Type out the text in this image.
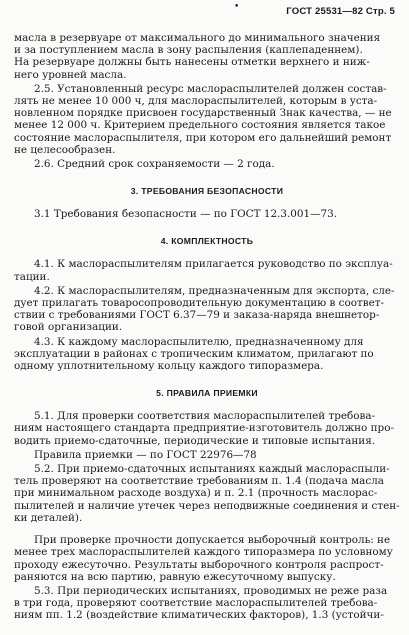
ГОСТ 25531—82 Стр. 5
•

масла в резервуаре от максимального до минимального значения
и за поступлением масла в зону распыления (каплепаденнем).
На резервуаре должны быть нанесены отметки верхнего и ниж-
него уровней масла.

2.5. Установленный ресурс маслораспылителей должен состав-
лять не менее 10 000 ч, для маслораспылителей, которым в уста-
новленном порядке присвоен государственный Знак качества, — не
менее 12 000 ч. Критерием предельного состояния является такое
состояние маслораспылителя, при котором его дальнейший ремонт
не целесообразен.

2.6. Средний срок сохраняемости — 2 года.

3. ТРЕБОВАНИЯ БЕЗОПАСНОСТИ

3.1 Требования безопасности — по ГОСТ 12.3.001—73.

4. КОМПЛЕКТНОСТЬ

4.1. К маслораспылителям прилагается руководство по эксплуа-
тации.

4.2. К маслораспылителям, предназначенным для экспорта, сле-
дует прилагать товаросопроводительную документацию в соответ-
ствии с требованиями ГОСТ 6.37—79 и заказа-наряда внешнетор-
говой организации.

4.3. К каждому маслораспылителю, предназначенному для
эксплуатации в районах с тропическим климатом, прилагают по
одному уплотнительному кольцу каждого типоразмера.

5. ПРАВИЛА ПРИЕМКИ

5.1. Для проверки соответствия маслораспылителей требова-
ниям настоящего стандарта предприятие-изготовитель должно про-
водить приемо-сдаточные, периодические и типовые испытания.

Правила приемки — по ГОСТ 22976—78

5.2. При приемо-сдаточных испытаниях каждый маслораспыли-
тель проверяют на соответствие требованиям п. 1.4 (подача масла
при минимальном расходе воздуха) и п. 2.1 (прочность маслорас-
пылителей и наличие утечек через неподвижные соединения и стен-
ки деталей).

При проверке прочности допускается выборочный контроль: не
менее трех маслораспылителей каждого типоразмера по условному
проходу ежесуточно. Результаты выборочного контроля распрост-
раняются на всю партию, равную ежесуточному выпуску.

5.3. При периодических испытаниях, проводимых не реже раза
в три года, проверяют соответствие маслораспылителей требова-
ниям пп. 1.2 (воздействие климатических факторов), 1.3 (устойчи-
